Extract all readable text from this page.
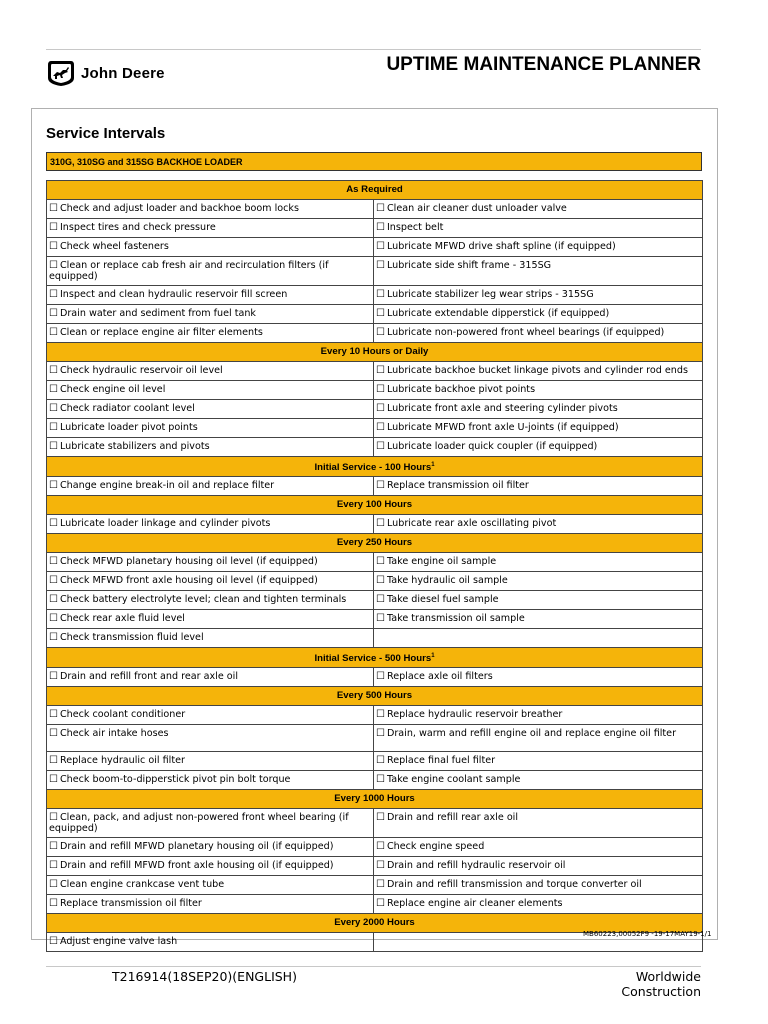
John Deere	UPTIME MAINTENANCE PLANNER
Service Intervals
310G, 310SG and 315SG BACKHOE LOADER
As Required	
☐ Check and adjust loader and backhoe boom locks	☐ Clean air cleaner dust unloader valve
☐ Inspect tires and check pressure	☐ Inspect belt
☐ Check wheel fasteners	☐ Lubricate MFWD drive shaft spline (if equipped)
☐ Clean or replace cab fresh air and recirculation filters (if equipped)	☐ Lubricate side shift frame - 315SG
☐ Inspect and clean hydraulic reservoir fill screen	☐ Lubricate stabilizer leg wear strips - 315SG
☐ Drain water and sediment from fuel tank	☐ Lubricate extendable dipperstick (if equipped)
☐ Clean or replace engine air filter elements	☐ Lubricate non-powered front wheel bearings (if equipped)
Every 10 Hours or Daily	
☐ Check hydraulic reservoir oil level	☐ Lubricate backhoe bucket linkage pivots and cylinder rod ends
☐ Check engine oil level	☐ Lubricate backhoe pivot points
☐ Check radiator coolant level	☐ Lubricate front axle and steering cylinder pivots
☐ Lubricate loader pivot points	☐ Lubricate MFWD front axle U-joints (if equipped)
☐ Lubricate stabilizers and pivots	☐ Lubricate loader quick coupler (if equipped)
Initial Service - 100 Hours$^1$
☐ Change engine break-in oil and replace filter	☐ Replace transmission oil filter
Every 100 Hours	
☐ Lubricate loader linkage and cylinder pivots	☐ Lubricate rear axle oscillating pivot
Every 250 Hours	
☐ Check MFWD planetary housing oil level (if equipped)	☐ Take engine oil sample
☐ Check MFWD front axle housing oil level (if equipped)	☐ Take hydraulic oil sample
☐ Check battery electrolyte level; clean and tighten terminals	☐ Take diesel fuel sample
☐ Check rear axle fluid level	☐ Take transmission oil sample
☐ Check transmission fluid level	
Initial Service - 500 Hours$^1$
☐ Drain and refill front and rear axle oil	☐ Replace axle oil filters
Every 500 Hours	
☐ Check coolant conditioner	☐ Replace hydraulic reservoir breather
☐ Check air intake hoses	☐ Drain, warm and refill engine oil and replace engine oil filter
☐ Replace hydraulic oil filter	☐ Replace final fuel filter
☐ Check boom-to-dipperstick pivot pin bolt torque	☐ Take engine coolant sample
Every 1000 Hours	
☐ Clean, pack, and adjust non-powered front wheel bearing (if equipped)	☐ Drain and refill rear axle oil
☐ Drain and refill MFWD planetary housing oil (if equipped)	☐ Check engine speed
☐ Drain and refill MFWD front axle housing oil (if equipped)	☐ Drain and refill hydraulic reservoir oil
☐ Clean engine crankcase vent tube	☐ Drain and refill transmission and torque converter oil
☐ Replace transmission oil filter	☐ Replace engine air cleaner elements
Every 2000 Hours	
☐ Adjust engine valve lash	
MB60223,00052F9 -19-17MAY19-1/1
T216914(18SEP20)(ENGLISH)	Worldwide
Construction
